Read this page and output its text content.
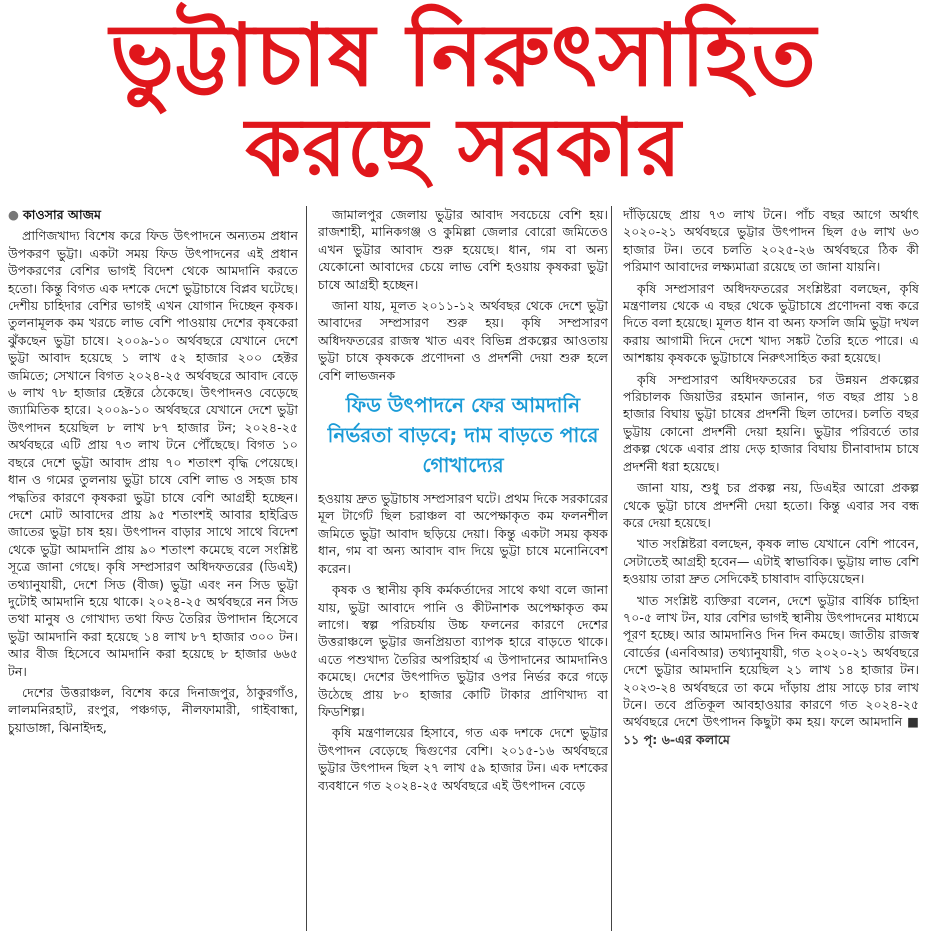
ভুট্টাচাষ নিরুৎসাহিত
করছে সরকার

● কাওসার আজম

প্রাণিজখাদ্য বিশেষ করে ফিড উৎপাদনে অন্যতম প্রধান উপকরণ ভুট্টা। একটা সময় ফিড উৎপাদনের এই প্রধান উপকরণের বেশির ভাগই বিদেশ থেকে আমদানি করতে হতো। কিন্তু বিগত এক দশকে দেশে ভুট্টাচাষে বিপ্লব ঘটেছে। দেশীয় চাহিদার বেশির ভাগই এখন যোগান দিচ্ছেন কৃষক। তুলনামূলক কম খরচে লাভ বেশি পাওয়ায় দেশের কৃষকেরা ঝুঁকছেন ভুট্টা চাষে। ২০০৯-১০ অর্থবছরে যেখানে দেশে ভুট্টা আবাদ হয়েছে ১ লাখ ৫২ হাজার ২০০ হেক্টর জমিতে; সেখানে বিগত ২০২৪-২৫ অর্থবছরে আবাদ বেড়ে ৬ লাখ ৭৮ হাজার হেক্টরে ঠেকেছে। উৎপাদনও বেড়েছে জ্যামিতিক হারে। ২০০৯-১০ অর্থবছরে যেখানে দেশে ভুট্টা উৎপাদন হয়েছিল ৮ লাখ ৮৭ হাজার টন; ২০২৪-২৫ অর্থবছরে এটি প্রায় ৭৩ লাখ টনে পৌঁছেছে। বিগত ১০ বছরে দেশে ভুট্টা আবাদ প্রায় ৭০ শতাংশ বৃদ্ধি পেয়েছে। ধান ও গমের তুলনায় ভুট্টা চাষে বেশি লাভ ও সহজ চাষ পদ্ধতির কারণে কৃষকরা ভুট্টা চাষে বেশি আগ্রহী হচ্ছেন। দেশে মোট আবাদের প্রায় ৯৫ শতাংশই আবার হাইব্রিড জাতের ভুট্টা চাষ হয়। উৎপাদন বাড়ার সাথে সাথে বিদেশ থেকে ভুট্টা আমদানি প্রায় ৯০ শতাংশ কমেছে বলে সংশ্লিষ্ট সূত্রে জানা গেছে। কৃষি সম্প্রসারণ অধিদফতরের (ডিএই) তথ্যানুযায়ী, দেশে সিড (বীজ) ভুট্টা এবং নন সিড ভুট্টা দুটোই আমদানি হয়ে থাকে। ২০২৪-২৫ অর্থবছরে নন সিড তথা মানুষ ও গোখাদ্য তথা ফিড তৈরির উপাদান হিসেবে ভুট্টা আমদানি করা হয়েছে ১৪ লাখ ৮৭ হাজার ৩০০ টন। আর বীজ হিসেবে আমদানি করা হয়েছে ৮ হাজার ৬৬৫ টন।

দেশের উত্তরাঞ্চল, বিশেষ করে দিনাজপুর, ঠাকুরগাঁও, লালমনিরহাট, রংপুর, পঞ্চগড়, নীলফামারী, গাইবান্ধা, চুয়াডাঙ্গা, ঝিনাইদহ,

জামালপুর জেলায় ভুট্টার আবাদ সবচেয়ে বেশি হয়। রাজশাহী, মানিকগঞ্জ ও কুমিল্লা জেলার বোরো জমিতেও এখন ভুট্টার আবাদ শুরু হয়েছে। ধান, গম বা অন্য যেকোনো আবাদের চেয়ে লাভ বেশি হওয়ায় কৃষকরা ভুট্টা চাষে আগ্রহী হচ্ছেন।

জানা যায়, মূলত ২০১১-১২ অর্থবছর থেকে দেশে ভুট্টা আবাদের সম্প্রসারণ শুরু হয়। কৃষি সম্প্রসারণ অধিদফতরের রাজস্ব খাত এবং বিভিন্ন প্রকল্পের আওতায় ভুট্টা চাষে কৃষককে প্রণোদনা ও প্রদর্শনী দেয়া শুরু হলে বেশি লাভজনক

ফিড উৎপাদনে ফের আমদানি নির্ভরতা বাড়বে; দাম বাড়তে পারে গোখাদ্যের

হওয়ায় দ্রুত ভুট্টাচাষ সম্প্রসারণ ঘটে। প্রথম দিকে সরকারের মূল টার্গেট ছিল চরাঞ্চল বা অপেক্ষাকৃত কম ফলনশীল জমিতে ভুট্টা আবাদ ছড়িয়ে দেয়া। কিন্তু একটা সময় কৃষক ধান, গম বা অন্য আবাদ বাদ দিয়ে ভুট্টা চাষে মনোনিবেশ করেন।

কৃষক ও স্থানীয় কৃষি কর্মকর্তাদের সাথে কথা বলে জানা যায়, ভুট্টা আবাদে পানি ও কীটনাশক অপেক্ষাকৃত কম লাগে। স্বল্প পরিচর্যায় উচ্চ ফলনের কারণে দেশের উত্তরাঞ্চলে ভুট্টার জনপ্রিয়তা ব্যাপক হারে বাড়তে থাকে। এতে পশুখাদ্য তৈরির অপরিহার্য এ উপাদানের আমদানিও কমেছে। দেশের উৎপাদিত ভুট্টার ওপর নির্ভর করে গড়ে উঠেছে প্রায় ৮০ হাজার কোটি টাকার প্রাণিখাদ্য বা ফিডশিল্প।

কৃষি মন্ত্রণালয়ের হিসাবে, গত এক দশকে দেশে ভুট্টার উৎপাদন বেড়েছে দ্বিগুণের বেশি। ২০১৫-১৬ অর্থবছরে ভুট্টার উৎপাদন ছিল ২৭ লাখ ৫৯ হাজার টন। এক দশকের ব্যবধানে গত ২০২৪-২৫ অর্থবছরে এই উৎপাদন বেড়ে

দাঁড়িয়েছে প্রায় ৭৩ লাখ টনে। পাঁচ বছর আগে অর্থাৎ ২০২০-২১ অর্থবছরে ভুট্টার উৎপাদন ছিল ৫৬ লাখ ৬৩ হাজার টন। তবে চলতি ২০২৫-২৬ অর্থবছরে ঠিক কী পরিমাণ আবাদের লক্ষ্যমাত্রা রয়েছে তা জানা যায়নি।

কৃষি সম্প্রসারণ অধিদফতরের সংশ্লিষ্টরা বলছেন, কৃষি মন্ত্রণালয় থেকে এ বছর থেকে ভুট্টাচাষে প্রণোদনা বন্ধ করে দিতে বলা হয়েছে। মূলত ধান বা অন্য ফসলি জমি ভুট্টা দখল করায় আগামী দিনে দেশে খাদ্য সঙ্কট তৈরি হতে পারে। এ আশঙ্কায় কৃষককে ভুট্টাচাষে নিরুৎসাহিত করা হয়েছে।

কৃষি সম্প্রসারণ অধিদফতরের চর উন্নয়ন প্রকল্পের পরিচালক জিয়াউর রহমান জানান, গত বছর প্রায় ১৪ হাজার বিঘায় ভুট্টা চাষের প্রদর্শনী ছিল তাদের। চলতি বছর ভুট্টায় কোনো প্রদর্শনী দেয়া হয়নি। ভুট্টার পরিবর্তে তার প্রকল্প থেকে এবার প্রায় দেড় হাজার বিঘায় চীনাবাদাম চাষে প্রদর্শনী ধরা হয়েছে।

জানা যায়, শুধু চর প্রকল্প নয়, ডিএইর আরো প্রকল্প থেকে ভুট্টা চাষে প্রদর্শনী দেয়া হতো। কিন্তু এবার সব বন্ধ করে দেয়া হয়েছে।

খাত সংশ্লিষ্টরা বলছেন, কৃষক লাভ যেখানে বেশি পাবেন, সেটাতেই আগ্রহী হবেন— এটাই স্বাভাবিক। ভুট্টায় লাভ বেশি হওয়ায় তারা দ্রুত সেদিকেই চাষাবাদ বাড়িয়েছেন।

খাত সংশ্লিষ্ট ব্যক্তিরা বলেন, দেশে ভুট্টার বার্ষিক চাহিদা ৭০-৫ লাখ টন, যার বেশির ভাগই স্থানীয় উৎপাদনের মাধ্যমে পূরণ হচ্ছে। আর আমদানিও দিন দিন কমছে। জাতীয় রাজস্ব বোর্ডের (এনবিআর) তথ্যানুযায়ী, গত ২০২০-২১ অর্থবছরে দেশে ভুট্টার আমদানি হয়েছিল ২১ লাখ ১৪ হাজার টন। ২০২৩-২৪ অর্থবছরে তা কমে দাঁড়ায় প্রায় সাড়ে চার লাখ টনে। তবে প্রতিকূল আবহাওয়ার কারণে গত ২০২৪-২৫ অর্থবছরে দেশে উৎপাদন কিছুটা কম হয়। ফলে আমদানি ■ ১১ পৃ: ৬-এর কলামে
